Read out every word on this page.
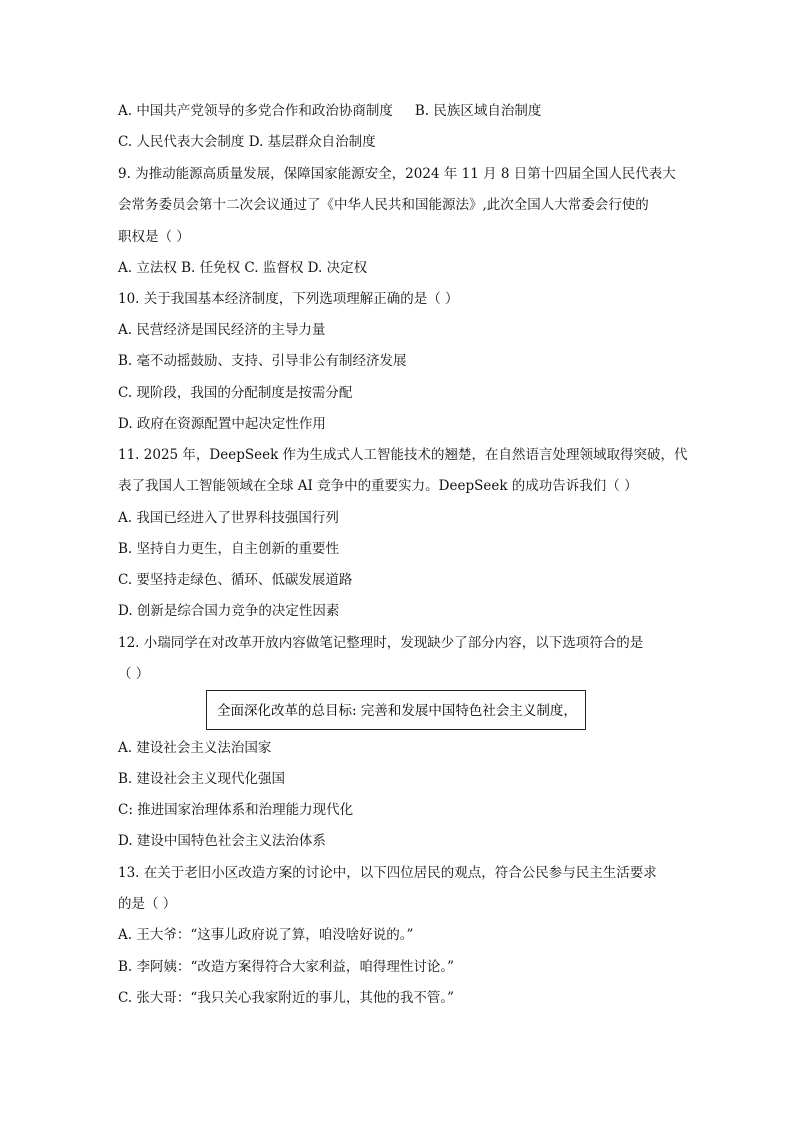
A. 中国共产党领导的多党合作和政治协商制度 B. 民族区域自治制度
C. 人民代表大会制度 D. 基层群众自治制度
9. 为推动能源高质量发展，保障国家能源安全，2024 年 11 月 8 日第十四届全国人民代表大
会常务委员会第十二次会议通过了《中华人民共和国能源法》,此次全国人大常委会行使的
职权是（ ）
A. 立法权 B. 任免权 C. 监督权 D. 决定权
10. 关于我国基本经济制度，下列选项理解正确的是（ ）
A. 民营经济是国民经济的主导力量
B. 毫不动摇鼓励、支持、引导非公有制经济发展
C. 现阶段，我国的分配制度是按需分配
D. 政府在资源配置中起决定性作用
11. 2025 年，DeepSeek 作为生成式人工智能技术的翘楚，在自然语言处理领域取得突破，代
表了我国人工智能领域在全球 AI 竞争中的重要实力。DeepSeek 的成功告诉我们（ ）
A. 我国已经进入了世界科技强国行列
B. 坚持自力更生，自主创新的重要性
C. 要坚持走绿色、循环、低碳发展道路
D. 创新是综合国力竞争的决定性因素
12. 小瑞同学在对改革开放内容做笔记整理时，发现缺少了部分内容，以下选项符合的是
（ ）
全面深化改革的总目标: 完善和发展中国特色社会主义制度，
A. 建设社会主义法治国家
B. 建设社会主义现代化强国
C: 推进国家治理体系和治理能力现代化
D. 建设中国特色社会主义法治体系
13. 在关于老旧小区改造方案的讨论中，以下四位居民的观点，符合公民参与民主生活要求
的是（ ）
A. 王大爷：“这事儿政府说了算，咱没啥好说的。”
B. 李阿姨：“改造方案得符合大家利益，咱得理性讨论。”
C. 张大哥：“我只关心我家附近的事儿，其他的我不管。”
